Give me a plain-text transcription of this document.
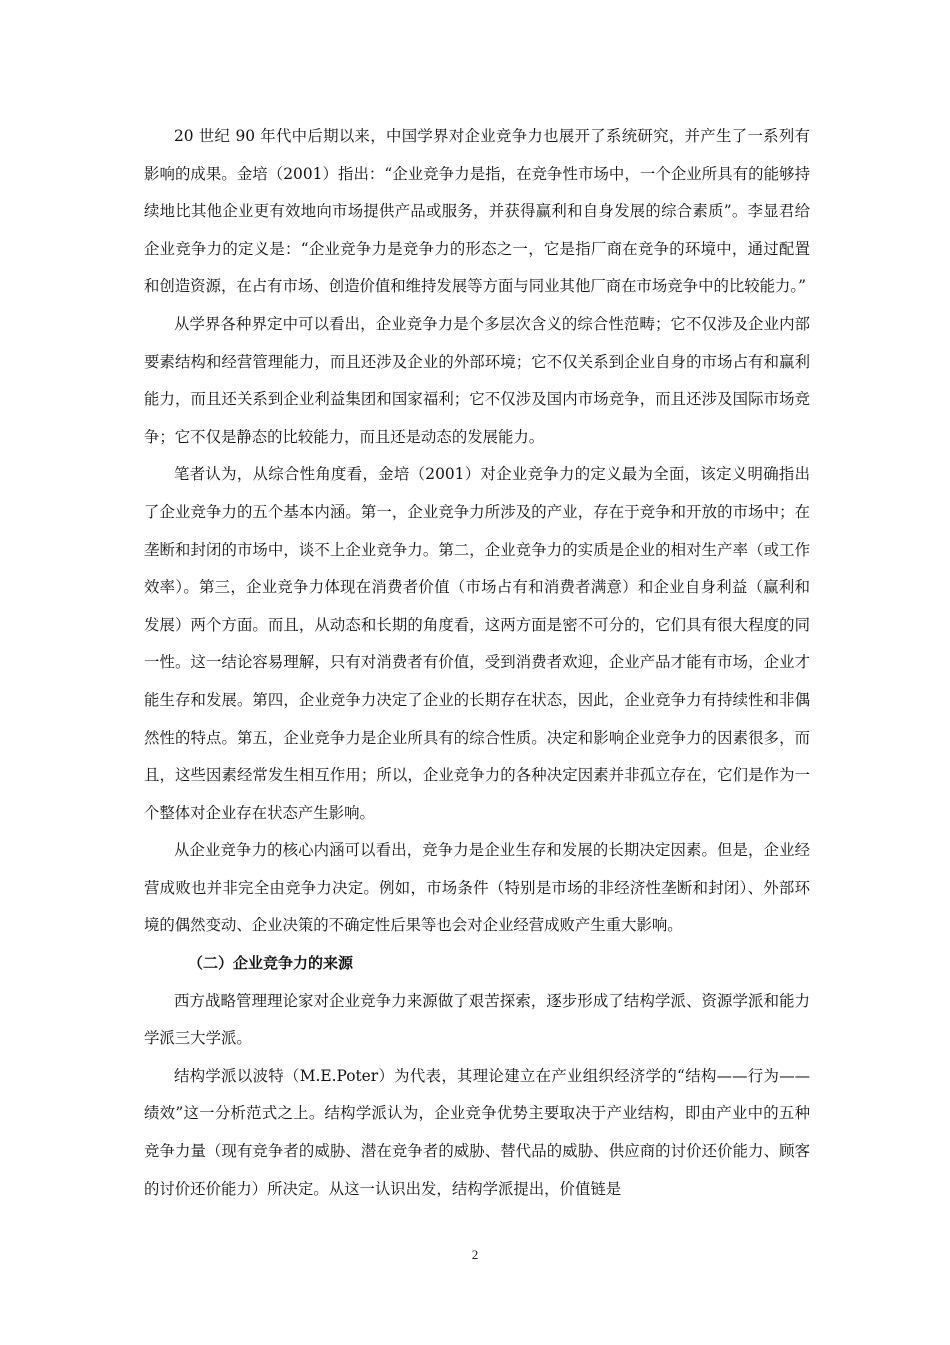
20 世纪 90 年代中后期以来，中国学界对企业竞争力也展开了系统研究，并产生了一系列有影响的成果。金培（2001）指出：“企业竞争力是指，在竞争性市场中，一个企业所具有的能够持续地比其他企业更有效地向市场提供产品或服务，并获得赢利和自身发展的综合素质”。李显君给企业竞争力的定义是：“企业竞争力是竞争力的形态之一，它是指厂商在竞争的环境中，通过配置和创造资源，在占有市场、创造价值和维持发展等方面与同业其他厂商在市场竞争中的比较能力。”

从学界各种界定中可以看出，企业竞争力是个多层次含义的综合性范畴；它不仅涉及企业内部要素结构和经营管理能力，而且还涉及企业的外部环境；它不仅关系到企业自身的市场占有和赢利能力，而且还关系到企业利益集团和国家福利；它不仅涉及国内市场竞争，而且还涉及国际市场竞争；它不仅是静态的比较能力，而且还是动态的发展能力。

笔者认为，从综合性角度看，金培（2001）对企业竞争力的定义最为全面，该定义明确指出了企业竞争力的五个基本内涵。第一，企业竞争力所涉及的产业，存在于竞争和开放的市场中；在垄断和封闭的市场中，谈不上企业竞争力。第二，企业竞争力的实质是企业的相对生产率（或工作效率）。第三，企业竞争力体现在消费者价值（市场占有和消费者满意）和企业自身利益（赢利和发展）两个方面。而且，从动态和长期的角度看，这两方面是密不可分的，它们具有很大程度的同一性。这一结论容易理解，只有对消费者有价值，受到消费者欢迎，企业产品才能有市场，企业才能生存和发展。第四，企业竞争力决定了企业的长期存在状态，因此，企业竞争力有持续性和非偶然性的特点。第五，企业竞争力是企业所具有的综合性质。决定和影响企业竞争力的因素很多，而且，这些因素经常发生相互作用；所以，企业竞争力的各种决定因素并非孤立存在，它们是作为一个整体对企业存在状态产生影响。

从企业竞争力的核心内涵可以看出，竞争力是企业生存和发展的长期决定因素。但是，企业经营成败也并非完全由竞争力决定。例如，市场条件（特别是市场的非经济性垄断和封闭）、外部环境的偶然变动、企业决策的不确定性后果等也会对企业经营成败产生重大影响。

（二）企业竞争力的来源

西方战略管理理论家对企业竞争力来源做了艰苦探索，逐步形成了结构学派、资源学派和能力学派三大学派。

结构学派以波特（M.E.Poter）为代表，其理论建立在产业组织经济学的“结构——行为——绩效”这一分析范式之上。结构学派认为，企业竞争优势主要取决于产业结构，即由产业中的五种竞争力量（现有竞争者的威胁、潜在竞争者的威胁、替代品的威胁、供应商的讨价还价能力、顾客的讨价还价能力）所决定。从这一认识出发，结构学派提出，价值链是

2
